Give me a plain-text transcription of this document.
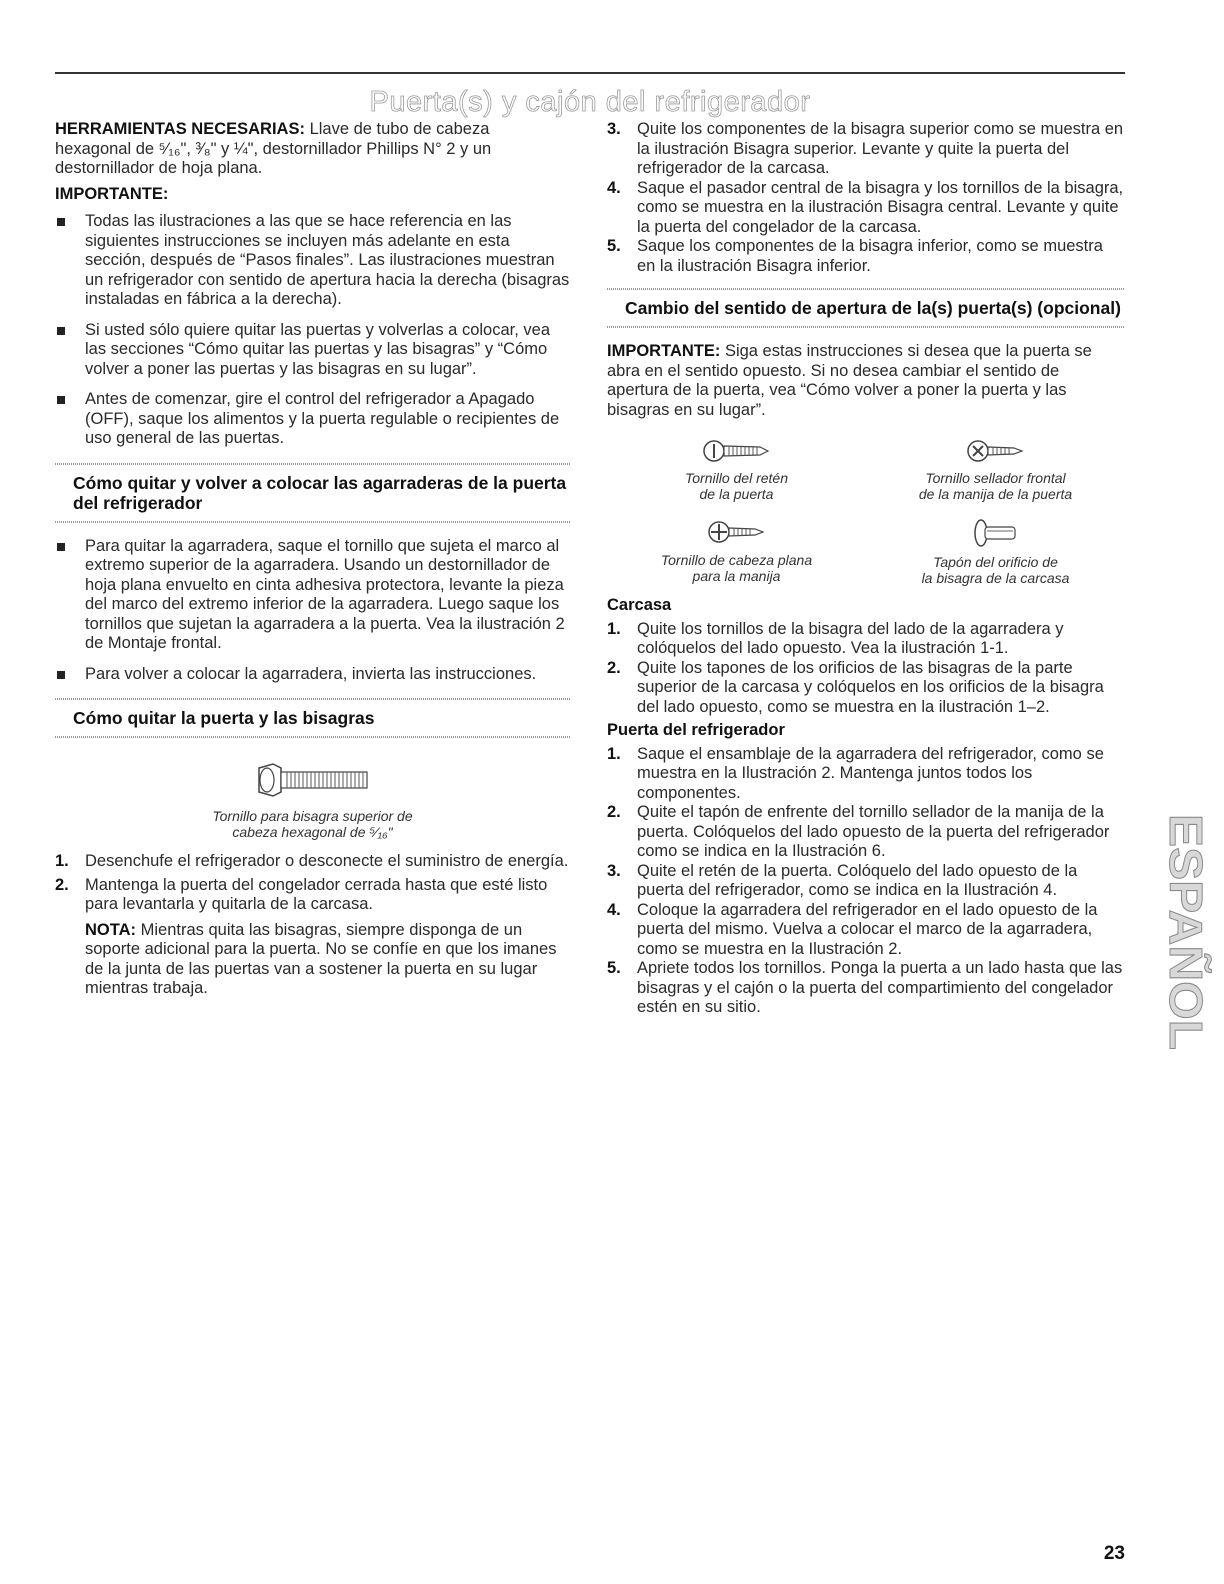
Puerta(s) y cajón del refrigerador

HERRAMIENTAS NECESARIAS: Llave de tubo de cabeza hexagonal de ⁵⁄₁₆", ³⁄₈" y ¼", destornillador Phillips N° 2 y un destornillador de hoja plana.

IMPORTANTE:
Todas las ilustraciones a las que se hace referencia en las siguientes instrucciones se incluyen más adelante en esta sección, después de “Pasos finales”. Las ilustraciones muestran un refrigerador con sentido de apertura hacia la derecha (bisagras instaladas en fábrica a la derecha).
Si usted sólo quiere quitar las puertas y volverlas a colocar, vea las secciones “Cómo quitar las puertas y las bisagras” y “Cómo volver a poner las puertas y las bisagras en su lugar”.
Antes de comenzar, gire el control del refrigerador a Apagado (OFF), saque los alimentos y la puerta regulable o recipientes de uso general de las puertas.
Cómo quitar y volver a colocar las agarraderas de la puerta del refrigerador
Para quitar la agarradera, saque el tornillo que sujeta el marco al extremo superior de la agarradera. Usando un destornillador de hoja plana envuelto en cinta adhesiva protectora, levante la pieza del marco del extremo inferior de la agarradera. Luego saque los tornillos que sujetan la agarradera a la puerta. Vea la ilustración 2 de Montaje frontal.
Para volver a colocar la agarradera, invierta las instrucciones.
Cómo quitar la puerta y las bisagras
Tornillo para bisagra superior de
cabeza hexagonal de ⁵⁄₁₆"
1. Desenchufe el refrigerador o desconecte el suministro de energía.
2. Mantenga la puerta del congelador cerrada hasta que esté listo para levantarla y quitarla de la carcasa.

NOTA: Mientras quita las bisagras, siempre disponga de un soporte adicional para la puerta. No se confíe en que los imanes de la junta de las puertas van a sostener la puerta en su lugar mientras trabaja.

3. Quite los componentes de la bisagra superior como se muestra en la ilustración Bisagra superior. Levante y quite la puerta del refrigerador de la carcasa.
4. Saque el pasador central de la bisagra y los tornillos de la bisagra, como se muestra en la ilustración Bisagra central. Levante y quite la puerta del congelador de la carcasa.
5. Saque los componentes de la bisagra inferior, como se muestra en la ilustración Bisagra inferior.
Cambio del sentido de apertura de la(s) puerta(s) (opcional)

IMPORTANTE: Siga estas instrucciones si desea que la puerta se abra en el sentido opuesto. Si no desea cambiar el sentido de apertura de la puerta, vea “Cómo volver a poner la puerta y las bisagras en su lugar”.

Tornillo del retén
de la puerta
Tornillo sellador frontal
de la manija de la puerta
Tornillo de cabeza plana
para la manija
Tapón del orificio de
la bisagra de la carcasa
Carcasa
1. Quite los tornillos de la bisagra del lado de la agarradera y colóquelos del lado opuesto. Vea la ilustración 1-1.
2. Quite los tapones de los orificios de las bisagras de la parte superior de la carcasa y colóquelos en los orificios de la bisagra del lado opuesto, como se muestra en la ilustración 1–2.
Puerta del refrigerador
1. Saque el ensamblaje de la agarradera del refrigerador, como se muestra en la Ilustración 2. Mantenga juntos todos los componentes.
2. Quite el tapón de enfrente del tornillo sellador de la manija de la puerta. Colóquelos del lado opuesto de la puerta del refrigerador como se indica en la Ilustración 6.
3. Quite el retén de la puerta. Colóquelo del lado opuesto de la puerta del refrigerador, como se indica en la Ilustración 4.
4. Coloque la agarradera del refrigerador en el lado opuesto de la puerta del mismo. Vuelva a colocar el marco de la agarradera, como se muestra en la Ilustración 2.
5. Apriete todos los tornillos. Ponga la puerta a un lado hasta que las bisagras y el cajón o la puerta del compartimiento del congelador estén en su sitio.	ESPAÑOL
23
